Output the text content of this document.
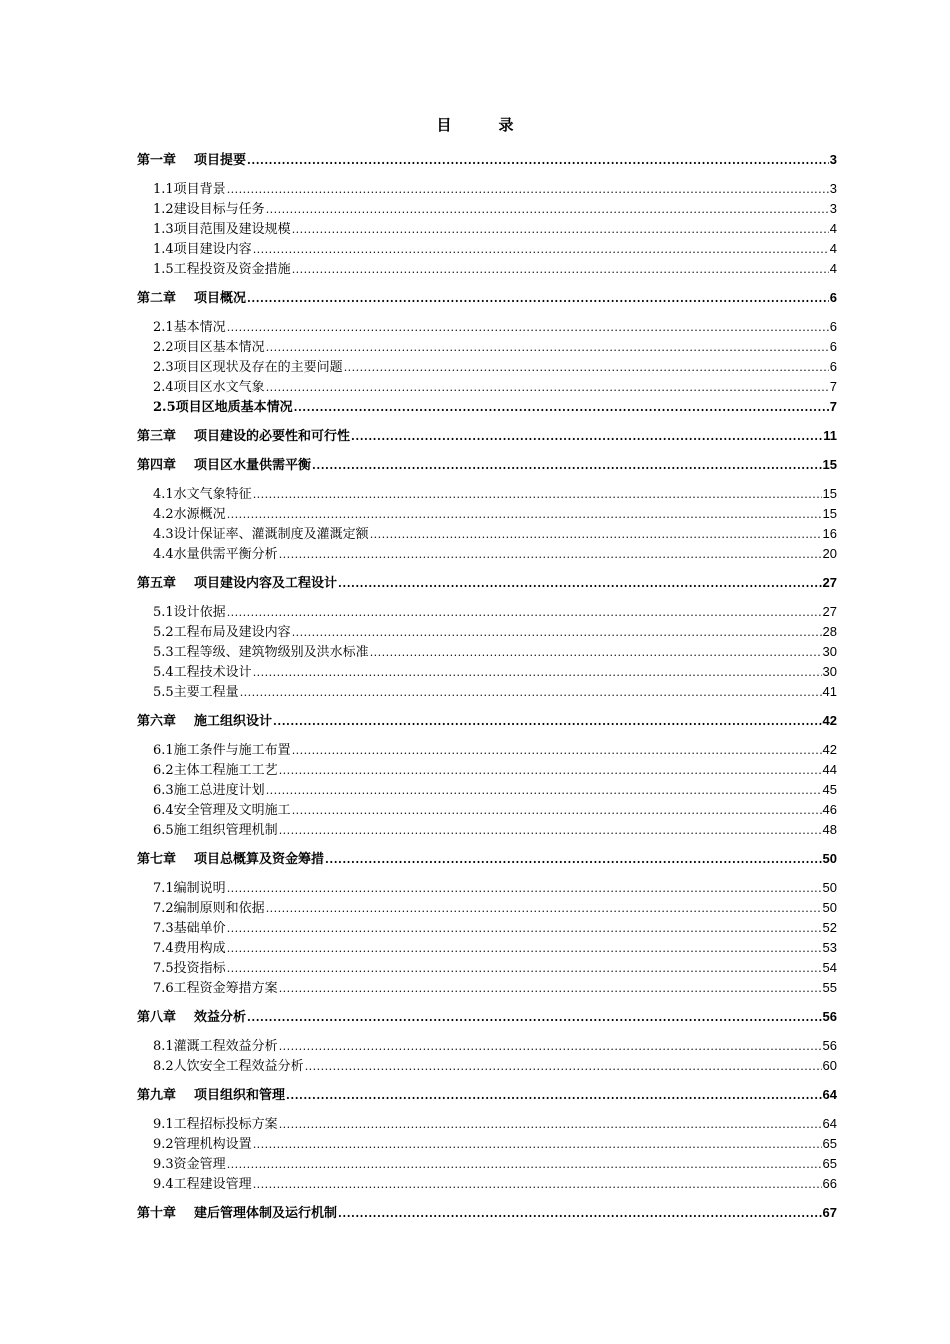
目　录
第一章 项目提要 .....	3
1.1项目背景 .....	3
1.2建设目标与任务 .....	3
1.3项目范围及建设规模 .....	4
1.4项目建设内容 .....	4
1.5工程投资及资金措施 .....	4
第二章 项目概况 .....	6
2.1基本情况 .....	6
2.2项目区基本情况 .....	6
2.3项目区现状及存在的主要问题 .....	6
2.4项目区水文气象 .....	7
2.5项目区地质基本情况 .....	7
第三章 项目建设的必要性和可行性 .....	11
第四章 项目区水量供需平衡 .....	15
4.1水文气象特征 .....	15
4.2水源概况 .....	15
4.3设计保证率、灌溉制度及灌溉定额 .....	16
4.4水量供需平衡分析 .....	20
第五章 项目建设内容及工程设计 .....	27
5.1设计依据 .....	27
5.2工程布局及建设内容 .....	28
5.3工程等级、建筑物级别及洪水标准 .....	30
5.4工程技术设计 .....	30
5.5主要工程量 .....	41
第六章 施工组织设计 .....	42
6.1施工条件与施工布置 .....	42
6.2主体工程施工工艺 .....	44
6.3施工总进度计划 .....	45
6.4安全管理及文明施工 .....	46
6.5施工组织管理机制 .....	48
第七章 项目总概算及资金筹措 .....	50
7.1编制说明 .....	50
7.2编制原则和依据 .....	50
7.3基础单价 .....	52
7.4费用构成 .....	53
7.5投资指标 .....	54
7.6工程资金筹措方案 .....	55
第八章 效益分析 .....	56
8.1灌溉工程效益分析 .....	56
8.2人饮安全工程效益分析 .....	60
第九章 项目组织和管理 .....	64
9.1工程招标投标方案 .....	64
9.2管理机构设置 .....	65
9.3资金管理 .....	65
9.4工程建设管理 .....	66
第十章 建后管理体制及运行机制 .....	67
